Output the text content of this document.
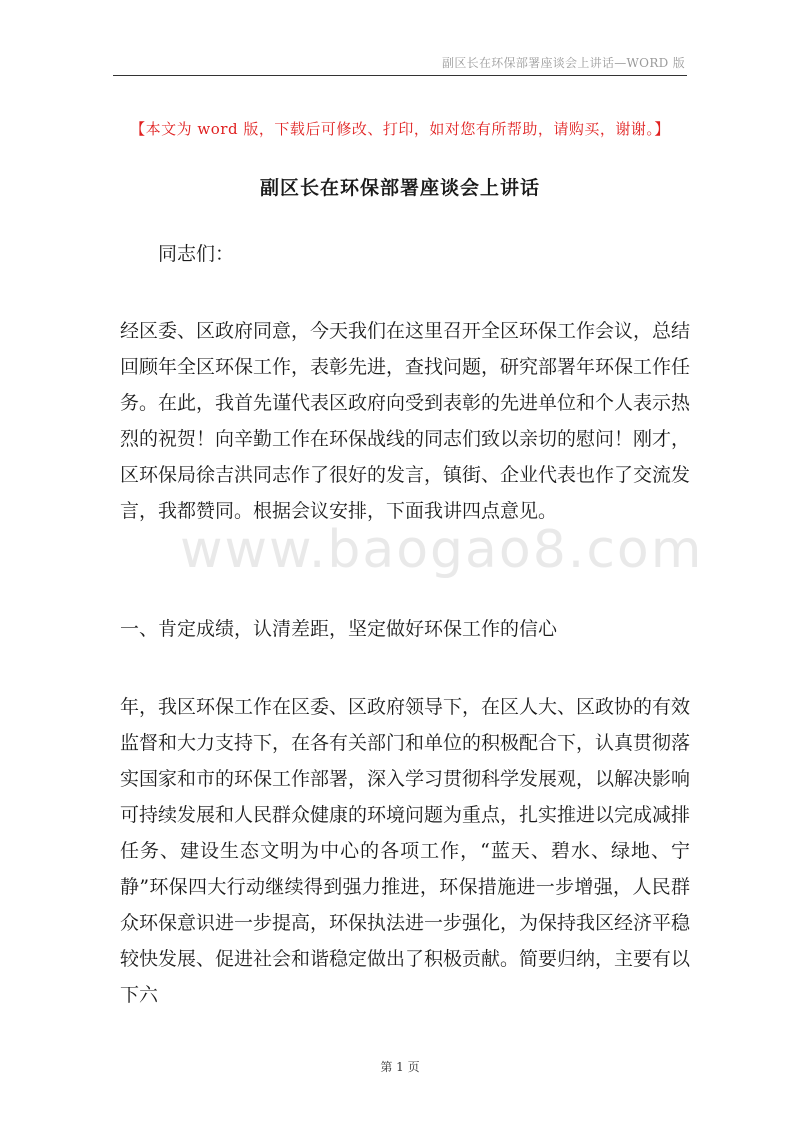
副区长在环保部署座谈会上讲话—WORD 版
【本文为 word 版，下载后可修改、打印，如对您有所帮助，请购买，谢谢。】
副区长在环保部署座谈会上讲话
同志们：
经区委、区政府同意，今天我们在这里召开全区环保工作会议，总结回顾年全区环保工作，表彰先进，查找问题，研究部署年环保工作任务。在此，我首先谨代表区政府向受到表彰的先进单位和个人表示热烈的祝贺！向辛勤工作在环保战线的同志们致以亲切的慰问！刚才，区环保局徐吉洪同志作了很好的发言，镇街、企业代表也作了交流发言，我都赞同。根据会议安排，下面我讲四点意见。
www.baogao8.com
一、肯定成绩，认清差距，坚定做好环保工作的信心
年，我区环保工作在区委、区政府领导下，在区人大、区政协的有效监督和大力支持下，在各有关部门和单位的积极配合下，认真贯彻落实国家和市的环保工作部署，深入学习贯彻科学发展观，以解决影响可持续发展和人民群众健康的环境问题为重点，扎实推进以完成减排任务、建设生态文明为中心的各项工作，“蓝天、碧水、绿地、宁静”环保四大行动继续得到强力推进，环保措施进一步增强，人民群众环保意识进一步提高，环保执法进一步强化，为保持我区经济平稳较快发展、促进社会和谐稳定做出了积极贡献。简要归纳，主要有以下六
第 1 页
